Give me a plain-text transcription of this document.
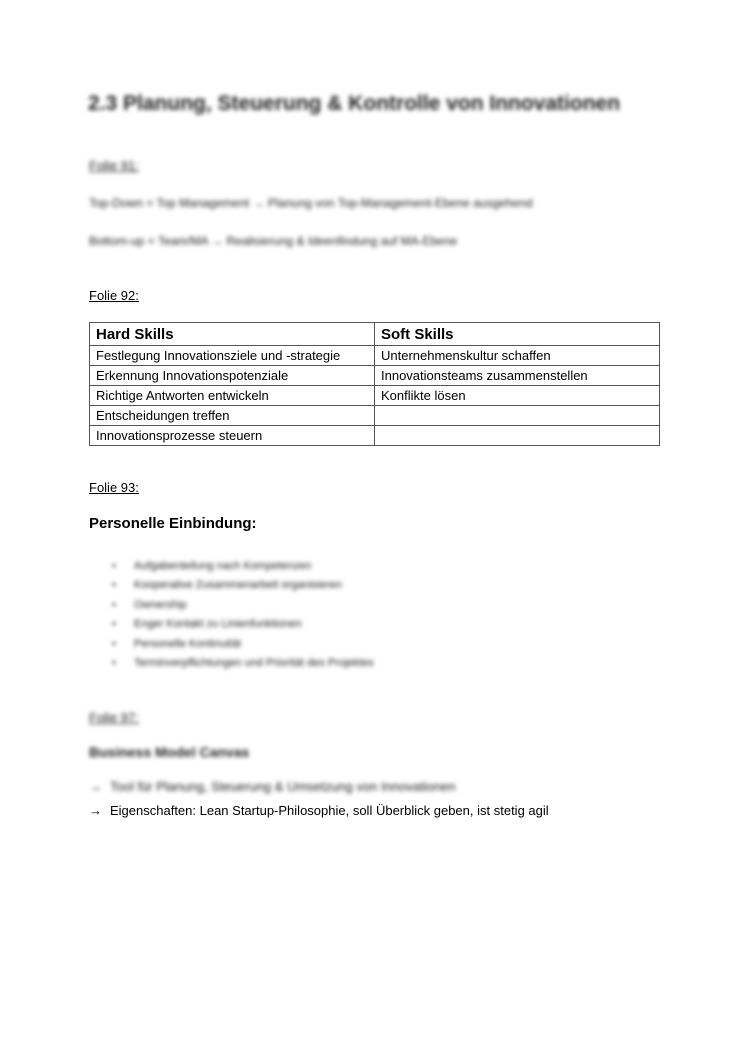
2.3 Planung, Steuerung & Kontrolle von Innovationen
Folie 91:
Top-Down = Top Management → Planung von Top-Management-Ebene ausgehend
Bottom-up = Team/MA → Realisierung & Ideenfindung auf MA-Ebene
Folie 92:
Hard Skills	Soft Skills
Festlegung Innovationsziele und -strategie	Unternehmenskultur schaffen
Erkennung Innovationspotenziale	Innovationsteams zusammenstellen
Richtige Antworten entwickeln	Konflikte lösen
Entscheidungen treffen	
Innovationsprozesse steuern	
Folie 93:
Personelle Einbindung:
• Aufgabenteilung nach Kompetenzen
• Kooperative Zusammenarbeit organisieren
• Ownership
• Enger Kontakt zu Linienfunktionen
• Personelle Kontinuität
• Terminverpflichtungen und Priorität des Projektes
Folie 97:
Business Model Canvas
→ Tool für Planung, Steuerung & Umsetzung von Innovationen
→ Eigenschaften: Lean Startup-Philosophie, soll Überblick geben, ist stetig agil
